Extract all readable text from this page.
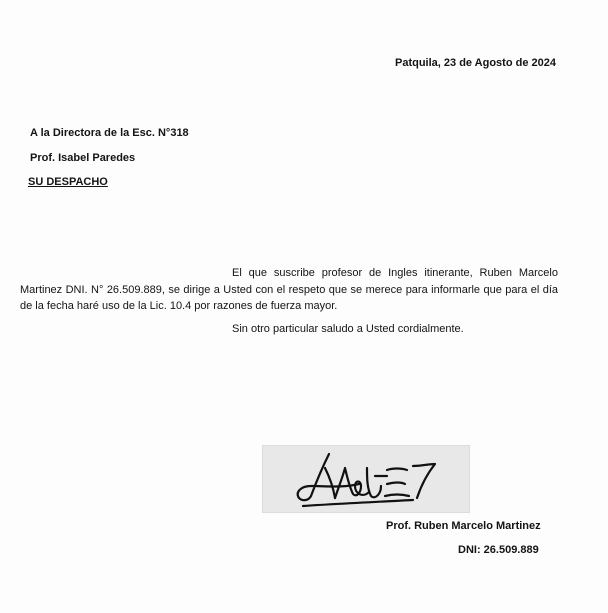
Patquila, 23 de Agosto de 2024
A la Directora de la Esc. N°318
Prof. Isabel Paredes
SU DESPACHO

El que suscribe profesor de Ingles itinerante, Ruben Marcelo Martinez DNI. N° 26.509.889, se dirige a Usted con el respeto que se merece para informarle que para el día de la fecha haré uso de la Lic. 10.4 por razones de fuerza mayor.

Sin otro particular saludo a Usted cordialmente.
Prof. Ruben Marcelo Martinez
DNI: 26.509.889
